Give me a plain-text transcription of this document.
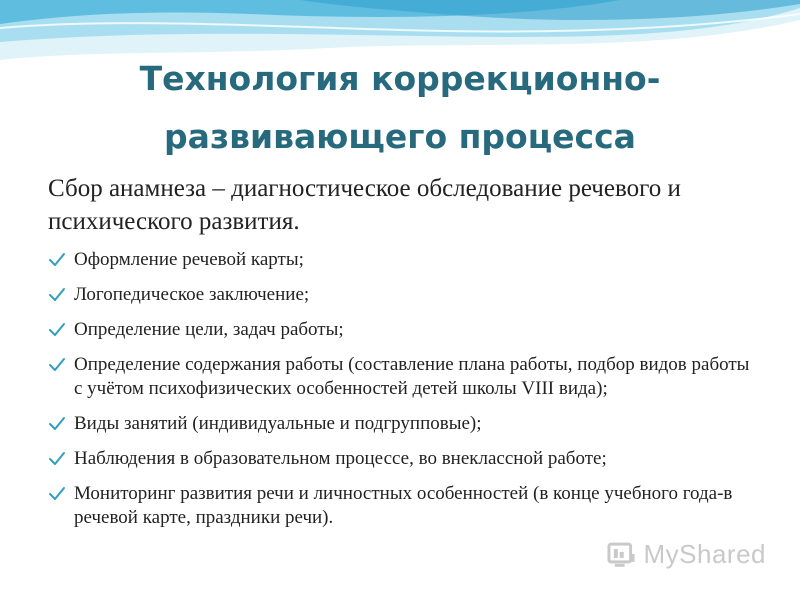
Технология коррекционно-
развивающего процесса
Сбор анамнеза – диагностическое обследование речевого и психического развития.
Оформление речевой карты;
Логопедическое заключение;
Определение цели, задач работы;
Определение содержания работы (составление плана работы, подбор видов работы с учётом психофизических особенностей детей школы VIII вида);
Виды занятий (индивидуальные и подгрупповые);
Наблюдения в образовательном процессе, во внеклассной работе;
Мониторинг развития речи и личностных особенностей (в конце учебного года-в речевой карте, праздники речи).
MyShared
